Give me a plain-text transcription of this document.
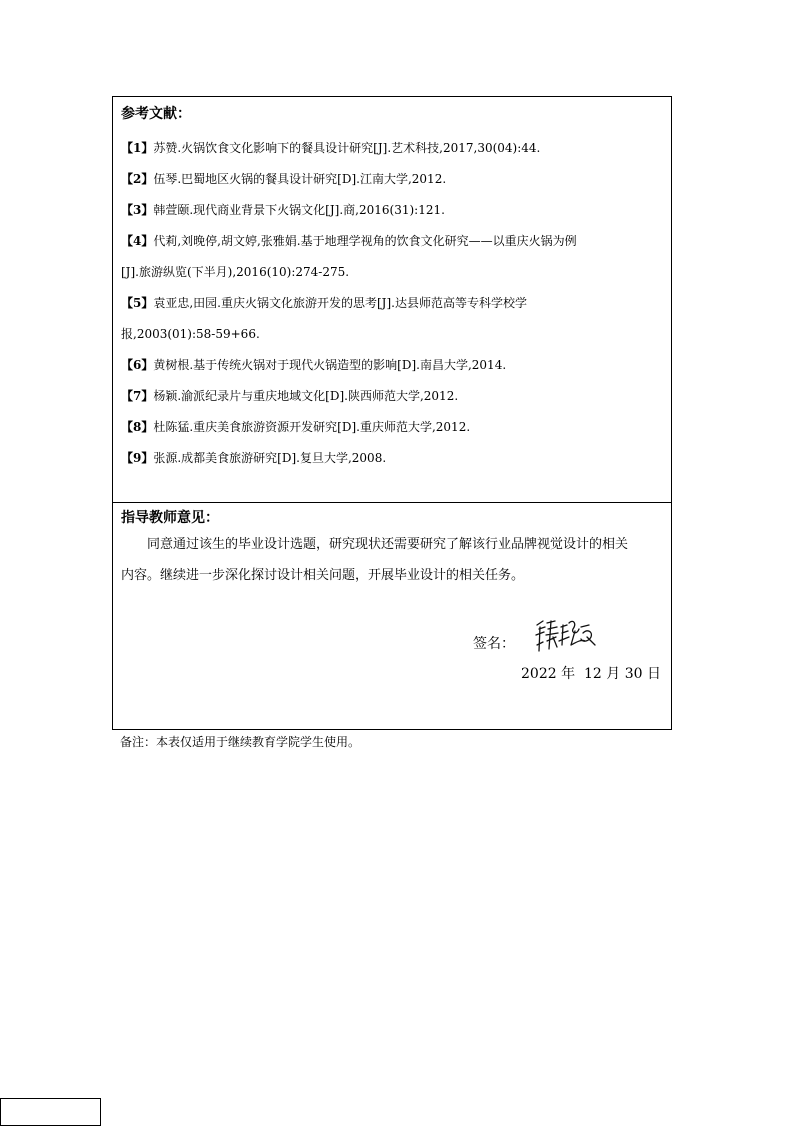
参考文献：
【1】苏赞.火锅饮食文化影响下的餐具设计研究[J].艺术科技,2017,30(04):44.
【2】伍琴.巴蜀地区火锅的餐具设计研究[D].江南大学,2012.
【3】韩萱颐.现代商业背景下火锅文化[J].商,2016(31):121.
【4】代莉,刘晚停,胡文婷,张雅娟.基于地理学视角的饮食文化研究——以重庆火锅为例
[J].旅游纵览(下半月),2016(10):274-275.
【5】袁亚忠,田园.重庆火锅文化旅游开发的思考[J].达县师范高等专科学校学
报,2003(01):58-59+66.
【6】黄树根.基于传统火锅对于现代火锅造型的影响[D].南昌大学,2014.
【7】杨颖.渝派纪录片与重庆地域文化[D].陕西师范大学,2012.
【8】杜陈猛.重庆美食旅游资源开发研究[D].重庆师范大学,2012.
【9】张源.成都美食旅游研究[D].复旦大学,2008.
指导教师意见：
同意通过该生的毕业设计选题，研究现状还需要研究了解该行业品牌视觉设计的相关
内容。继续进一步深化探讨设计相关问题，开展毕业设计的相关任务。
签名：
2022 年  12 月 30 日
备注：本表仅适用于继续教育学院学生使用。
